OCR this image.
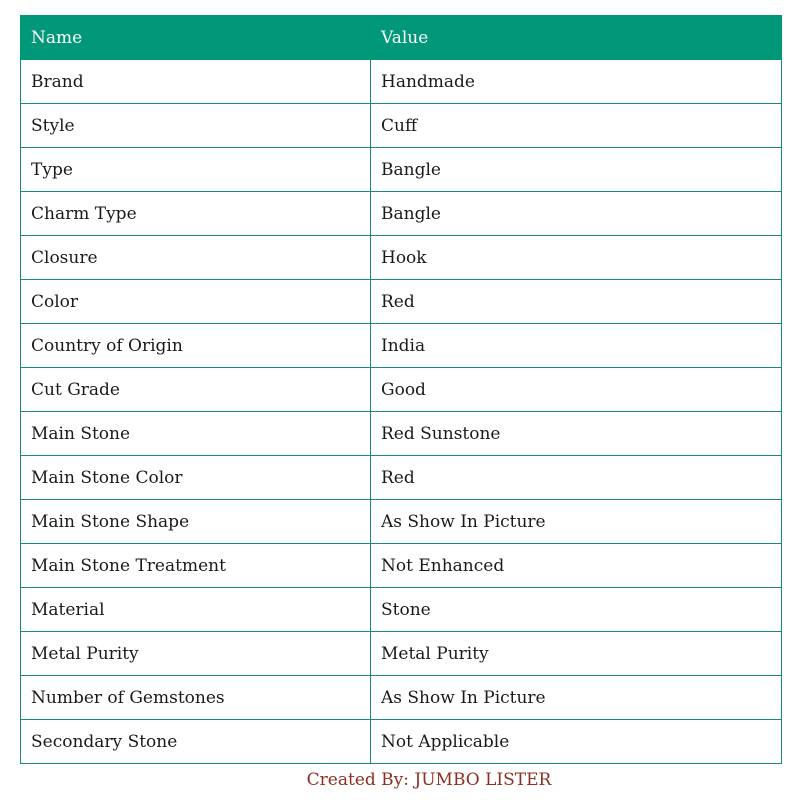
Name	Value
Brand	Handmade
Style	Cuff
Type	Bangle
Charm Type	Bangle
Closure	Hook
Color	Red
Country of Origin	India
Cut Grade	Good
Main Stone	Red Sunstone
Main Stone Color	Red
Main Stone Shape	As Show In Picture
Main Stone Treatment	Not Enhanced
Material	Stone
Metal Purity	Metal Purity
Number of Gemstones	As Show In Picture
Secondary Stone	Not Applicable
Created By: JUMBO LISTER
